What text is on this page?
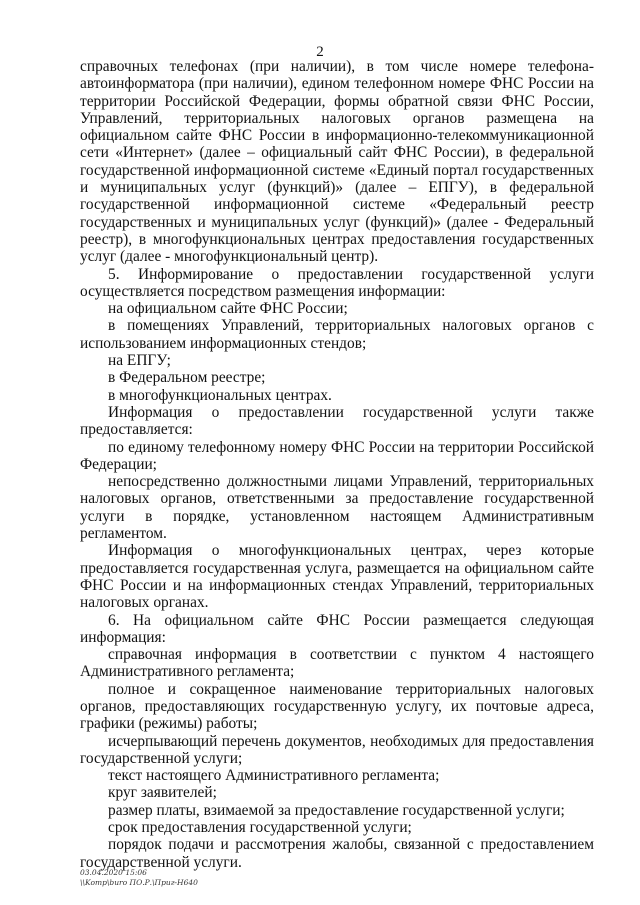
2

справочных телефонах (при наличии), в том числе номере телефона-автоинформатора (при наличии), едином телефонном номере ФНС России на территории Российской Федерации, формы обратной связи ФНС России, Управлений, территориальных налоговых органов размещена на официальном сайте ФНС России в информационно-телекоммуникационной сети «Интернет» (далее – официальный сайт ФНС России), в федеральной государственной информационной системе «Единый портал государственных и муниципальных услуг (функций)» (далее – ЕПГУ), в федеральной государственной информационной системе «Федеральный реестр государственных и муниципальных услуг (функций)» (далее - Федеральный реестр), в многофункциональных центрах предоставления государственных услуг (далее - многофункциональный центр).

5. Информирование о предоставлении государственной услуги осуществляется посредством размещения информации:

на официальном сайте ФНС России;

в помещениях Управлений, территориальных налоговых органов с использованием информационных стендов;

на ЕПГУ;

в Федеральном реестре;

в многофункциональных центрах.

Информация о предоставлении государственной услуги также предоставляется:

по единому телефонному номеру ФНС России на территории Российской Федерации;

непосредственно должностными лицами Управлений, территориальных налоговых органов, ответственными за предоставление государственной услуги в порядке, установленном настоящем Административным регламентом.

Информация о многофункциональных центрах, через которые предоставляется государственная услуга, размещается на официальном сайте ФНС России и на информационных стендах Управлений, территориальных налоговых органах.

6. На официальном сайте ФНС России размещается следующая информация:

справочная информация в соответствии с пунктом 4 настоящего Административного регламента;

полное и сокращенное наименование территориальных налоговых органов, предоставляющих государственную услугу, их почтовые адреса, графики (режимы) работы;

исчерпывающий перечень документов, необходимых для предоставления государственной услуги;

текст настоящего Административного регламента;

круг заявителей;

размер платы, взимаемой за предоставление государственной услуги;

срок предоставления государственной услуги;

порядок подачи и рассмотрения жалобы, связанной с предоставлением государственной услуги.

03.04.2020 15:06
\\Komp\buro ПО.Р.\Приг-Н640
